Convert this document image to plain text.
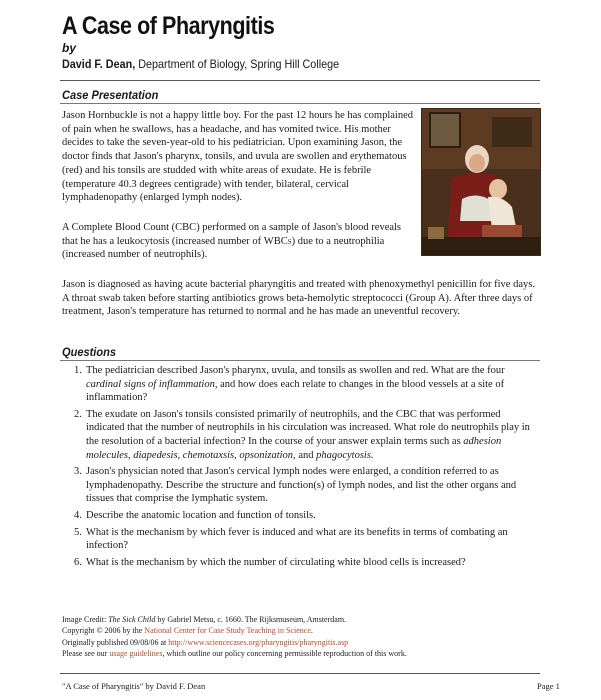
A Case of Pharyngitis
by
David F. Dean, Department of Biology, Spring Hill College
Case Presentation

Jason Hornbuckle is not a happy little boy. For the past 12 hours he has complained of pain when he swallows, has a headache, and has vomited twice. His mother decides to take the seven-year-old to his pediatrician. Upon examining Jason, the doctor finds that Jason's pharynx, tonsils, and uvula are swollen and erythematous (red) and his tonsils are studded with white areas of exudate. He is febrile (temperature 40.3 degrees centigrade) with tender, bilateral, cervical lymphadenopathy (enlarged lymph nodes).

A Complete Blood Count (CBC) performed on a sample of Jason's blood reveals that he has a leukocytosis (increased number of WBCs) due to a neutrophilia (increased number of neutrophils).

Jason is diagnosed as having acute bacterial pharyngitis and treated with phenoxymethyl penicillin for five days. A throat swab taken before starting antibiotics grows beta-hemolytic streptococci (Group A). After three days of treatment, Jason's temperature has returned to normal and he has made an uneventful recovery.

Questions
1. The pediatrician described Jason's pharynx, uvula, and tonsils as swollen and red. What are the four cardinal signs of inflammation, and how does each relate to changes in the blood vessels at a site of inflammation?
2. The exudate on Jason's tonsils consisted primarily of neutrophils, and the CBC that was performed indicated that the number of neutrophils in his circulation was increased. What role do neutrophils play in the resolution of a bacterial infection? In the course of your answer explain terms such as adhesion molecules, diapedesis, chemotaxsis, opsonization, and phagocytosis.
3. Jason's physician noted that Jason's cervical lymph nodes were enlarged, a condition referred to as lymphadenopathy. Describe the structure and function(s) of lymph nodes, and list the other organs and tissues that comprise the lymphatic system.
4. Describe the anatomic location and function of tonsils.
5. What is the mechanism by which fever is induced and what are its benefits in terms of combating an infection?
6. What is the mechanism by which the number of circulating white blood cells is increased?
Image Credit: The Sick Child by Gabriel Metsu, c. 1660. The Rijksmuseum, Amsterdam.
Copyright © 2006 by the National Center for Case Study Teaching in Science.
Originally published 09/08/06 at http://www.sciencecases.org/pharyngitis/pharyngitis.asp
Please see our usage guidelines, which outline our policy concerning permissible reproduction of this work.
"A Case of Pharyngitis" by David F. Dean	Page 1
